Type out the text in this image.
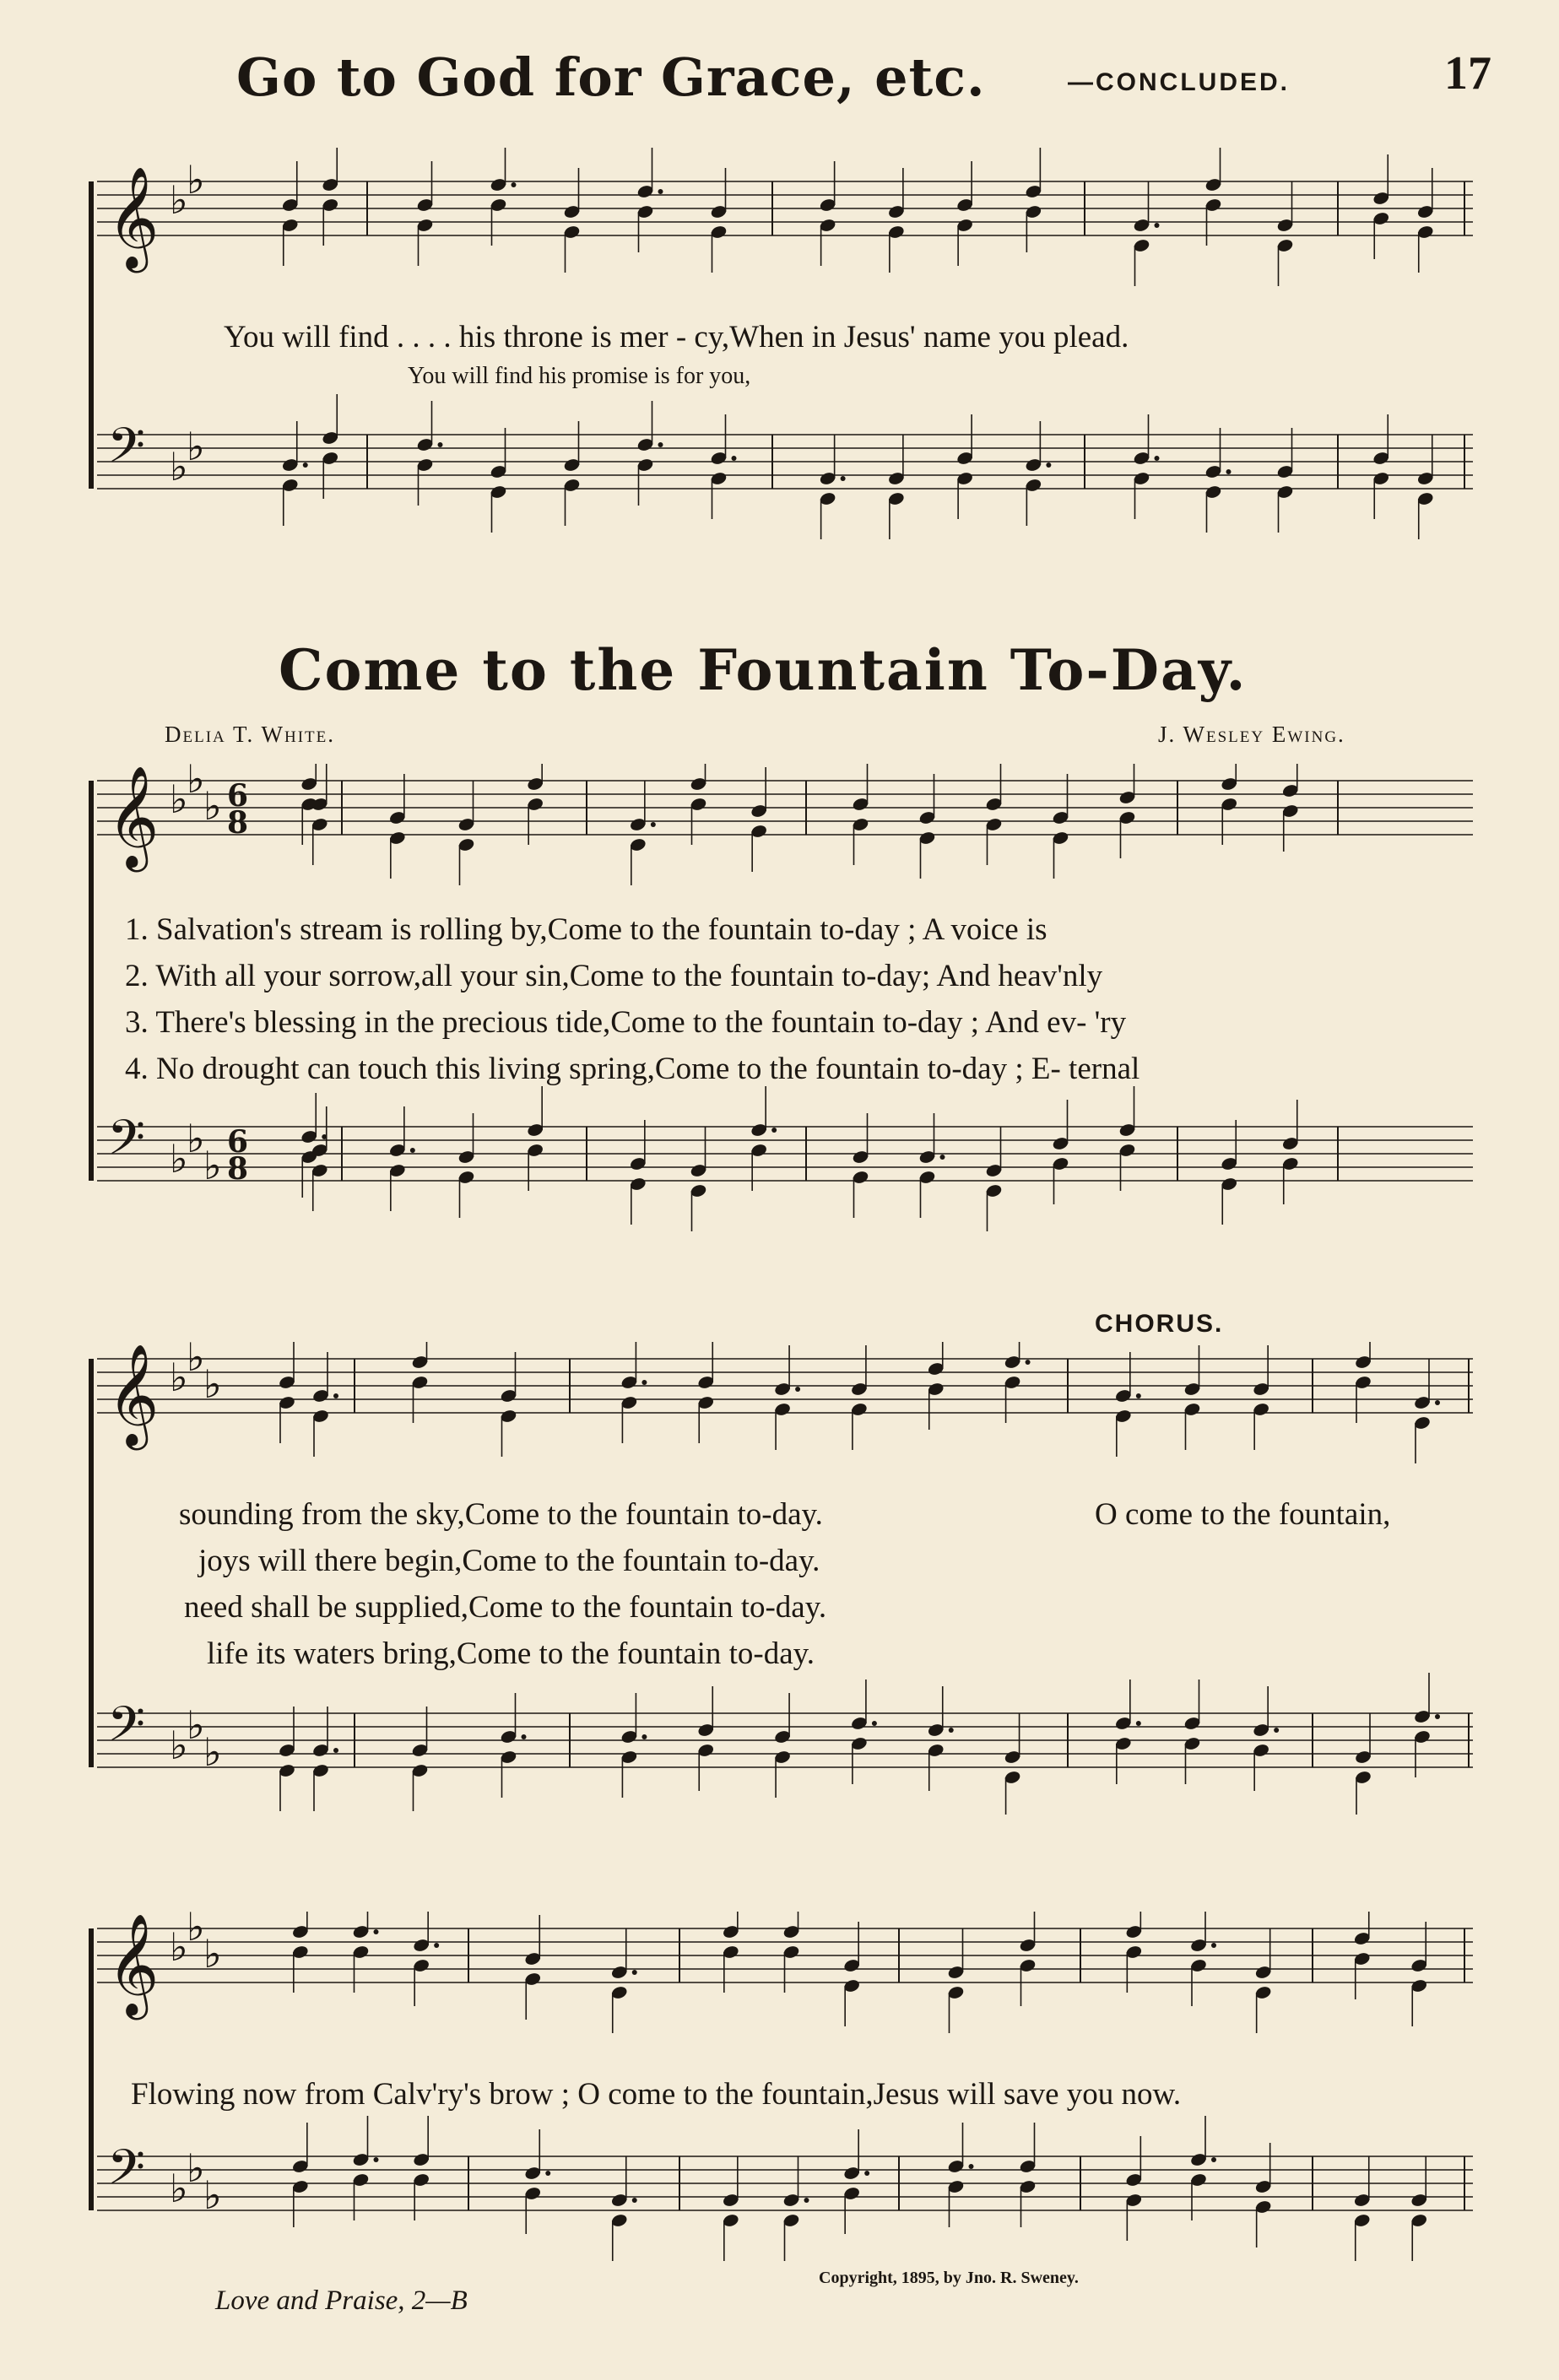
Go to God for Grace, etc.	—CONCLUDED.	17
𝄞 ♭
♭
𝄢 ♭
♭
You will find . . . . his throne is mer - cy,When in Jesus' name you plead.
You will find his promise is for you,
Come to the Fountain To-Day.
Delia T. White.	J. Wesley Ewing.
𝄞 ♭
♭
♭ 6
8
𝄢 ♭
♭
♭
6
8
1. Salvation's stream is rolling by,Come to the fountain to-day ; A voice is
2. With all your sorrow,all your sin,Come to the fountain to-day; And heav'nly
3. There's blessing in the precious tide,Come to the fountain to-day ; And ev- 'ry
4. No drought can touch this living spring,Come to the fountain to-day ; E- ternal
CHORUS.
𝄞 ♭
♭
♭
𝄢 ♭
♭
♭
sounding from the sky,Come to the fountain to-day.
joys will there begin,Come to the fountain to-day.
need shall be supplied,Come to the fountain to-day.
life its waters bring,Come to the fountain to-day.
O come to the fountain,
𝄞 ♭
♭
♭
𝄢 ♭
♭
♭
Flowing now from Calv'ry's brow ; O come to the fountain,Jesus will save you now.
Love and Praise, 2—B
Copyright, 1895, by Jno. R. Sweney.
